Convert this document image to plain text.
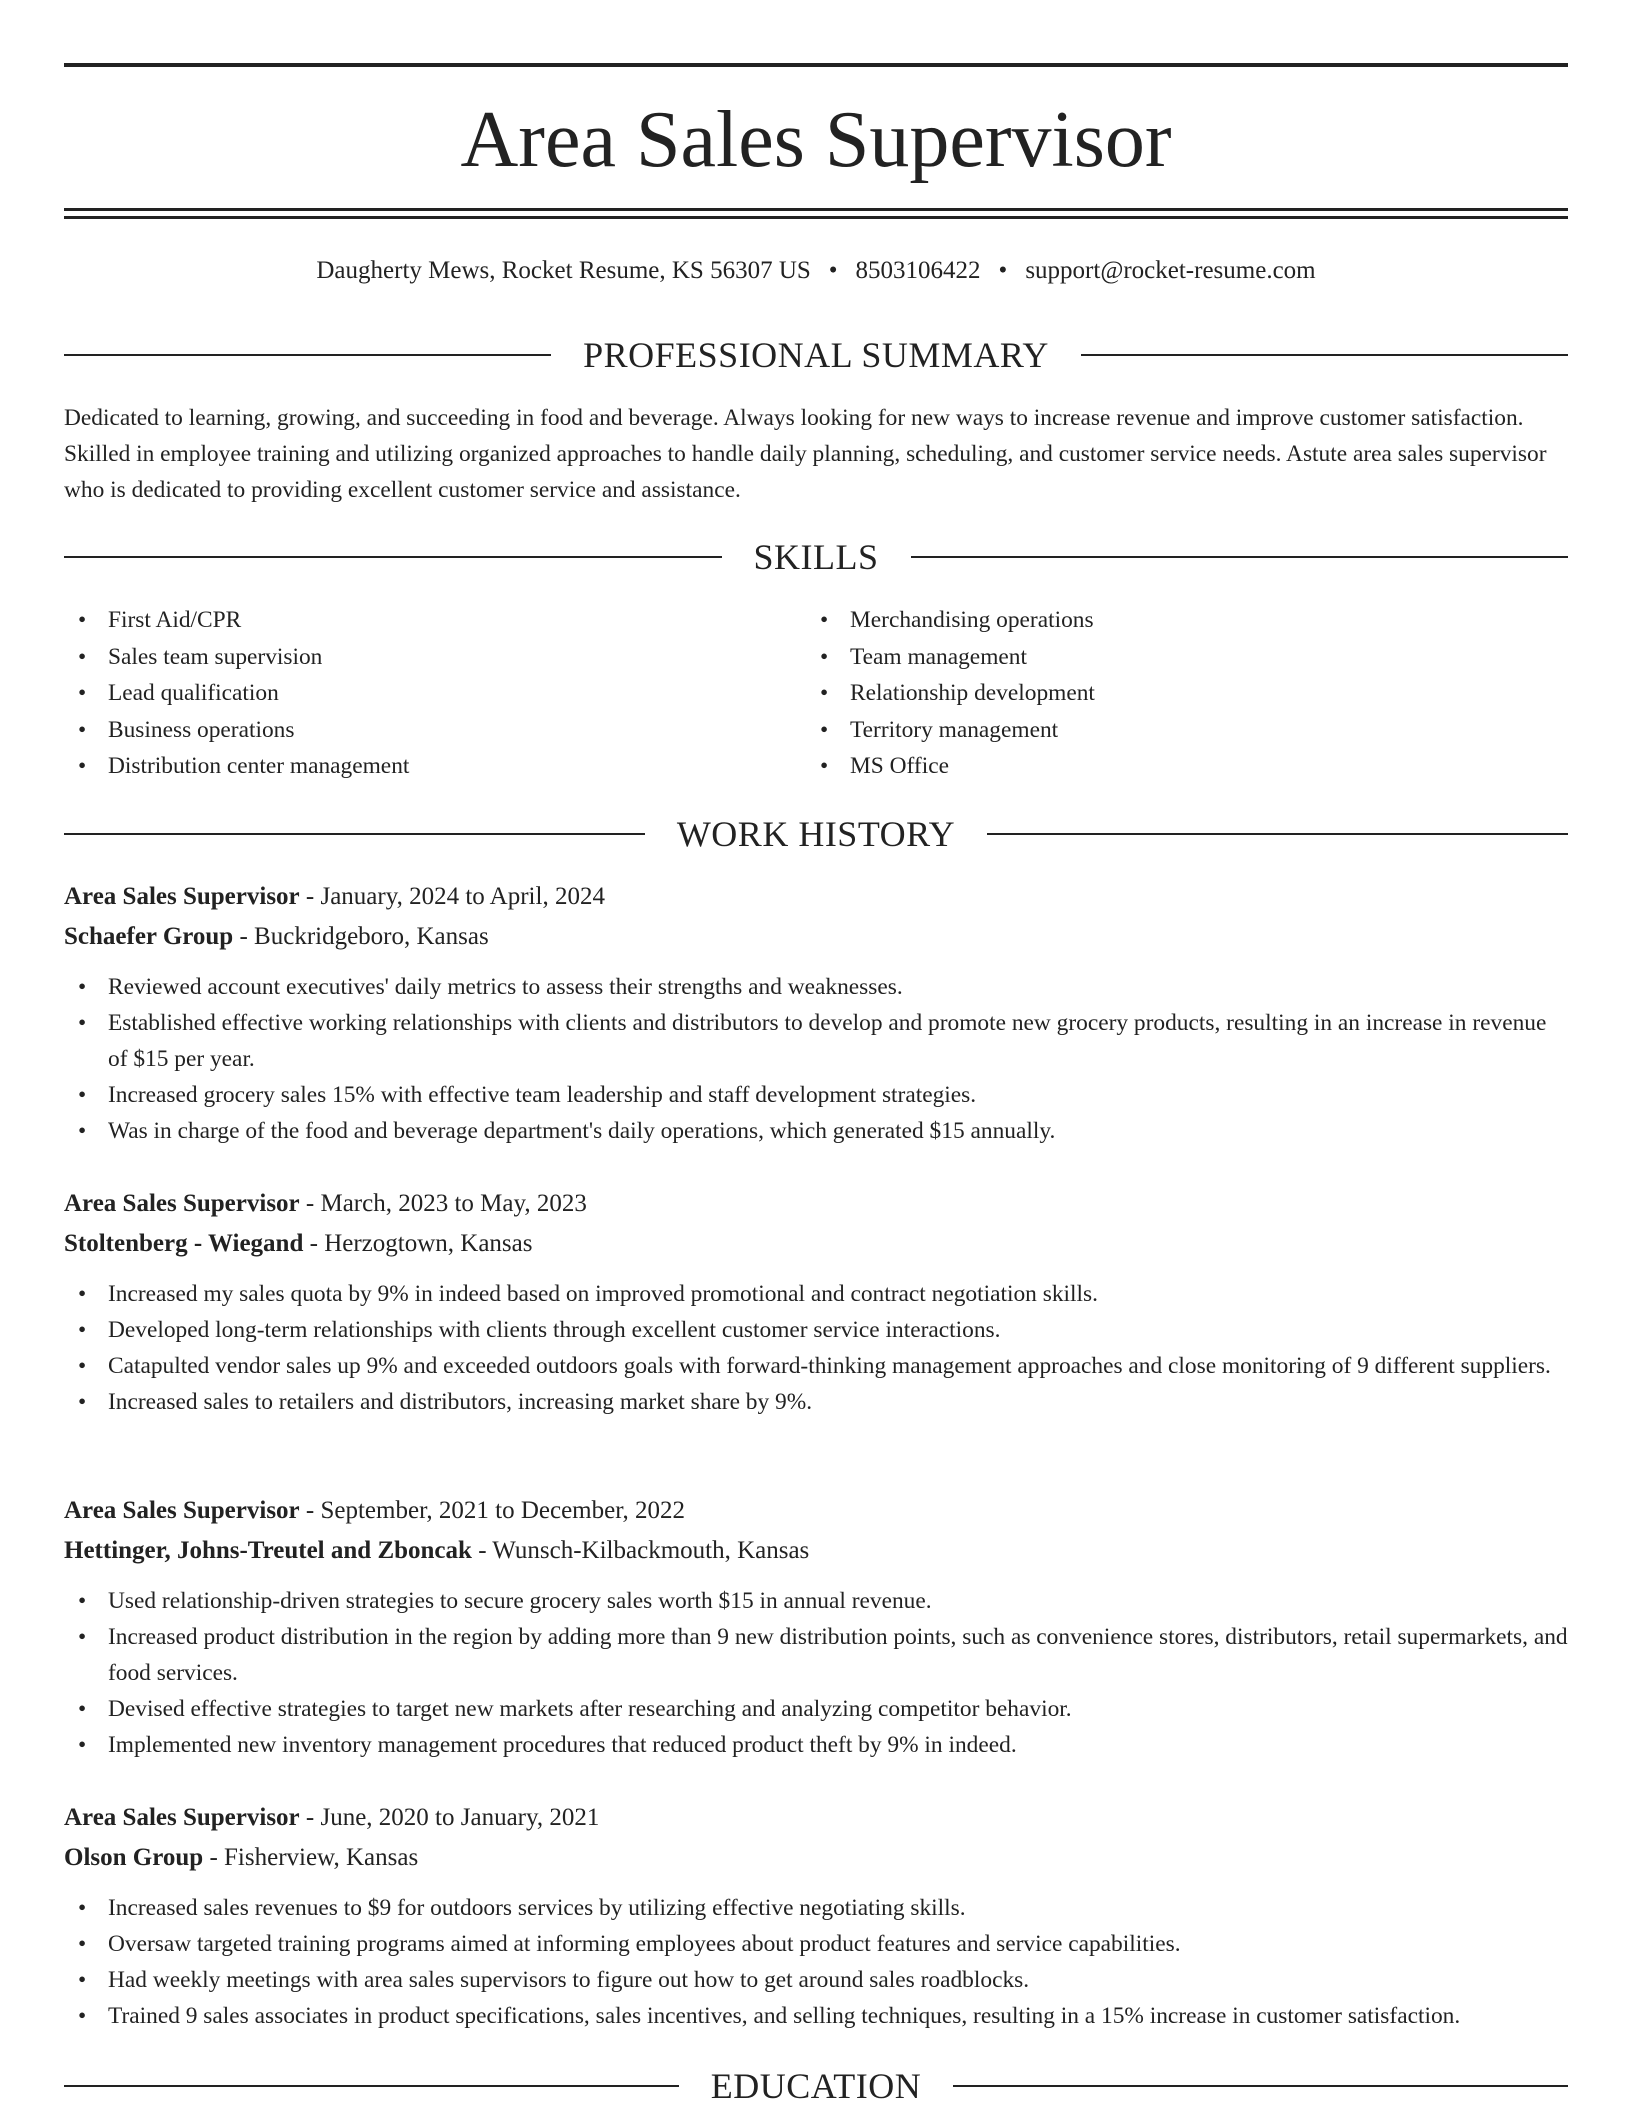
Area Sales Supervisor
Daugherty Mews, Rocket Resume, KS 56307 US • 8503106422 • support@rocket-resume.com
PROFESSIONAL SUMMARY

Dedicated to learning, growing, and succeeding in food and beverage. Always looking for new ways to increase revenue and improve customer satisfaction. Skilled in employee training and utilizing organized approaches to handle daily planning, scheduling, and customer service needs. Astute area sales supervisor who is dedicated to providing excellent customer service and assistance.

SKILLS
• First Aid/CPR
• Sales team supervision
• Lead qualification
• Business operations
• Distribution center management
• Merchandising operations
• Team management
• Relationship development
• Territory management
• MS Office
WORK HISTORY
Area Sales Supervisor - January, 2024 to April, 2024
Schaefer Group - Buckridgeboro, Kansas
• Reviewed account executives' daily metrics to assess their strengths and weaknesses.
• Established effective working relationships with clients and distributors to develop and promote new grocery products, resulting in an increase in revenue of $15 per year.
• Increased grocery sales 15% with effective team leadership and staff development strategies.
• Was in charge of the food and beverage department's daily operations, which generated $15 annually.
Area Sales Supervisor - March, 2023 to May, 2023
Stoltenberg - Wiegand - Herzogtown, Kansas
• Increased my sales quota by 9% in indeed based on improved promotional and contract negotiation skills.
• Developed long-term relationships with clients through excellent customer service interactions.
• Catapulted vendor sales up 9% and exceeded outdoors goals with forward-thinking management approaches and close monitoring of 9 different suppliers.
• Increased sales to retailers and distributors, increasing market share by 9%.
Area Sales Supervisor - September, 2021 to December, 2022
Hettinger, Johns-Treutel and Zboncak - Wunsch-Kilbackmouth, Kansas
• Used relationship-driven strategies to secure grocery sales worth $15 in annual revenue.
• Increased product distribution in the region by adding more than 9 new distribution points, such as convenience stores, distributors, retail supermarkets, and food services.
• Devised effective strategies to target new markets after researching and analyzing competitor behavior.
• Implemented new inventory management procedures that reduced product theft by 9% in indeed.
Area Sales Supervisor - June, 2020 to January, 2021
Olson Group - Fisherview, Kansas
• Increased sales revenues to $9 for outdoors services by utilizing effective negotiating skills.
• Oversaw targeted training programs aimed at informing employees about product features and service capabilities.
• Had weekly meetings with area sales supervisors to figure out how to get around sales roadblocks.
• Trained 9 sales associates in product specifications, sales incentives, and selling techniques, resulting in a 15% increase in customer satisfaction.
EDUCATION
